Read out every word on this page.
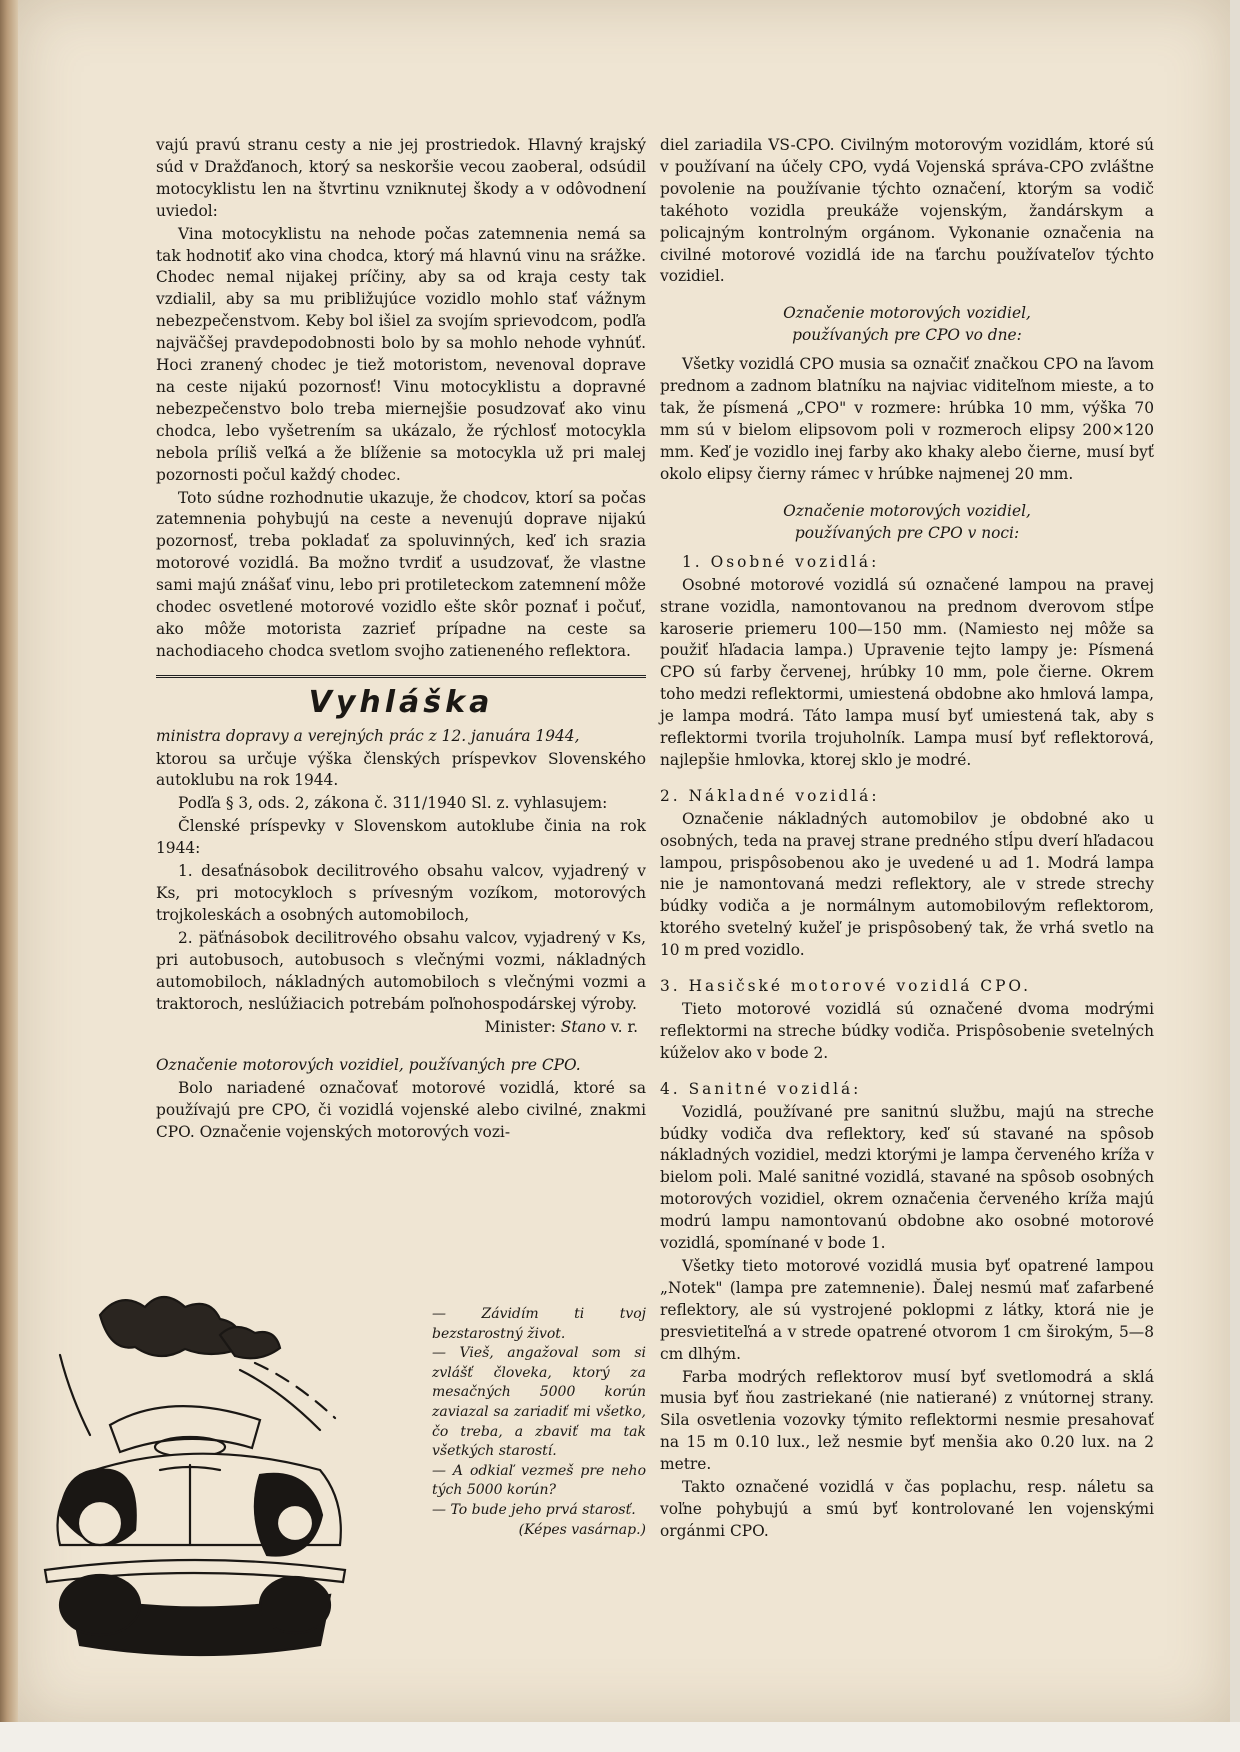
vajú pravú stranu cesty a nie jej prostriedok. Hlavný krajský súd v Dražďanoch, ktorý sa neskoršie vecou zaoberal, odsúdil motocyklistu len na štvrtinu vzniknutej škody a v odôvodnení uviedol:

Vina motocyklistu na nehode počas zatemnenia nemá sa tak hodnotiť ako vina chodca, ktorý má hlavnú vinu na srážke. Chodec nemal nijakej príčiny, aby sa od kraja cesty tak vzdialil, aby sa mu približujúce vozidlo mohlo stať vážnym nebezpečenstvom. Keby bol išiel za svojím sprievodcom, podľa najväčšej pravdepodobnosti bolo by sa mohlo nehode vyhnúť. Hoci zranený chodec je tiež motoristom, nevenoval doprave na ceste nijakú pozornosť! Vinu motocyklistu a dopravné nebezpečenstvo bolo treba miernejšie posudzovať ako vinu chodca, lebo vyšetrením sa ukázalo, že rýchlosť motocykla nebola príliš veľká a že blíženie sa motocykla už pri malej pozornosti počul každý chodec.

Toto súdne rozhodnutie ukazuje, že chodcov, ktorí sa počas zatemnenia pohybujú na ceste a nevenujú doprave nijakú pozornosť, treba pokladať za spoluvinných, keď ich srazia motorové vozidlá. Ba možno tvrdiť a usudzovať, že vlastne sami majú znášať vinu, lebo pri protileteckom zatemnení môže chodec osvetlené motorové vozidlo ešte skôr poznať i počuť, ako môže motorista zazrieť prípadne na ceste sa nachodiaceho chodca svetlom svojho zatieneného reflektora.

Vyhláška

ministra dopravy a verejných prác z 12. januára 1944,

ktorou sa určuje výška členských príspevkov Slovenského autoklubu na rok 1944.

Podľa § 3, ods. 2, zákona č. 311/1940 Sl. z. vyhlasujem:

Členské príspevky v Slovenskom autoklube činia na rok 1944:

1. desaťnásobok decilitrového obsahu valcov, vyjadrený v Ks, pri motocykloch s prívesným vozíkom, motorových trojkoleskách a osobných automobiloch,

2. päťnásobok decilitrového obsahu valcov, vyjadrený v Ks, pri autobusoch, autobusoch s vlečnými vozmi, nákladných automobiloch, nákladných automobiloch s vlečnými vozmi a traktoroch, neslúžiacich potrebám poľnohospodárskej výroby.

Minister: Stano v. r.

Označenie motorových vozidiel, používaných pre CPO.

Bolo nariadené označovať motorové vozidlá, ktoré sa používajú pre CPO, či vozidlá vojenské alebo civilné, znakmi CPO. Označenie vojenských motorových vozi-

— Závidím ti tvoj bezstarostný život.

— Vieš, angažoval som si zvlášť človeka, ktorý za mesačných 5000 korún zaviazal sa zariadiť mi všetko, čo treba, a zbaviť ma tak všetkých starostí.

— A odkiaľ vezmeš pre neho tých 5000 korún?

— To bude jeho prvá starosť.
(Képes vasárnap.)

diel zariadila VS-CPO. Civilným motorovým vozidlám, ktoré sú v používaní na účely CPO, vydá Vojenská správa-CPO zvláštne povolenie na používanie týchto označení, ktorým sa vodič takéhoto vozidla preukáže vojenským, žandárskym a policajným kontrolným orgánom. Vykonanie označenia na civilné motorové vozidlá ide na ťarchu používateľov týchto vozidiel.

Označenie motorových vozidiel,
používaných pre CPO vo dne:

Všetky vozidlá CPO musia sa označiť značkou CPO na ľavom prednom a zadnom blatníku na najviac viditeľnom mieste, a to tak, že písmená „CPO" v rozmere: hrúbka 10 mm, výška 70 mm sú v bielom elipsovom poli v rozmeroch elipsy 200×120 mm. Keď je vozidlo inej farby ako khaky alebo čierne, musí byť okolo elipsy čierny rámec v hrúbke najmenej 20 mm.

Označenie motorových vozidiel,
používaných pre CPO v noci:

1. Osobné vozidlá:

Osobné motorové vozidlá sú označené lampou na pravej strane vozidla, namontovanou na prednom dverovom stĺpe karoserie priemeru 100—150 mm. (Namiesto nej môže sa použiť hľadacia lampa.) Upravenie tejto lampy je: Písmená CPO sú farby červenej, hrúbky 10 mm, pole čierne. Okrem toho medzi reflektormi, umiestená obdobne ako hmlová lampa, je lampa modrá. Táto lampa musí byť umiestená tak, aby s reflektormi tvorila trojuholník. Lampa musí byť reflektorová, najlepšie hmlovka, ktorej sklo je modré.

2. Nákladné vozidlá:

Označenie nákladných automobilov je obdobné ako u osobných, teda na pravej strane predného stĺpu dverí hľadacou lampou, prispôsobenou ako je uvedené u ad 1. Modrá lampa nie je namontovaná medzi reflektory, ale v strede strechy búdky vodiča a je normálnym automobilovým reflektorom, ktorého svetelný kužeľ je prispôsobený tak, že vrhá svetlo na 10 m pred vozidlo.

3. Hasičské motorové vozidlá CPO.

Tieto motorové vozidlá sú označené dvoma modrými reflektormi na streche búdky vodiča. Prispôsobenie svetelných kúželov ako v bode 2.

4. Sanitné vozidlá:

Vozidlá, používané pre sanitnú službu, majú na streche búdky vodiča dva reflektory, keď sú stavané na spôsob nákladných vozidiel, medzi ktorými je lampa červeného kríža v bielom poli. Malé sanitné vozidlá, stavané na spôsob osobných motorových vozidiel, okrem označenia červeného kríža majú modrú lampu namontovanú obdobne ako osobné motorové vozidlá, spomínané v bode 1.

Všetky tieto motorové vozidlá musia byť opatrené lampou „Notek" (lampa pre zatemnenie). Ďalej nesmú mať zafarbené reflektory, ale sú vystrojené poklopmi z látky, ktorá nie je presvietiteľná a v strede opatrené otvorom 1 cm širokým, 5—8 cm dlhým.

Farba modrých reflektorov musí byť svetlomodrá a sklá musia byť ňou zastriekané (nie natierané) z vnútornej strany. Sila osvetlenia vozovky týmito reflektormi nesmie presahovať na 15 m 0.10 lux., lež nesmie byť menšia ako 0.20 lux. na 2 metre.

Takto označené vozidlá v čas poplachu, resp. náletu sa voľne pohybujú a smú byť kontrolované len vojenskými orgánmi CPO.
